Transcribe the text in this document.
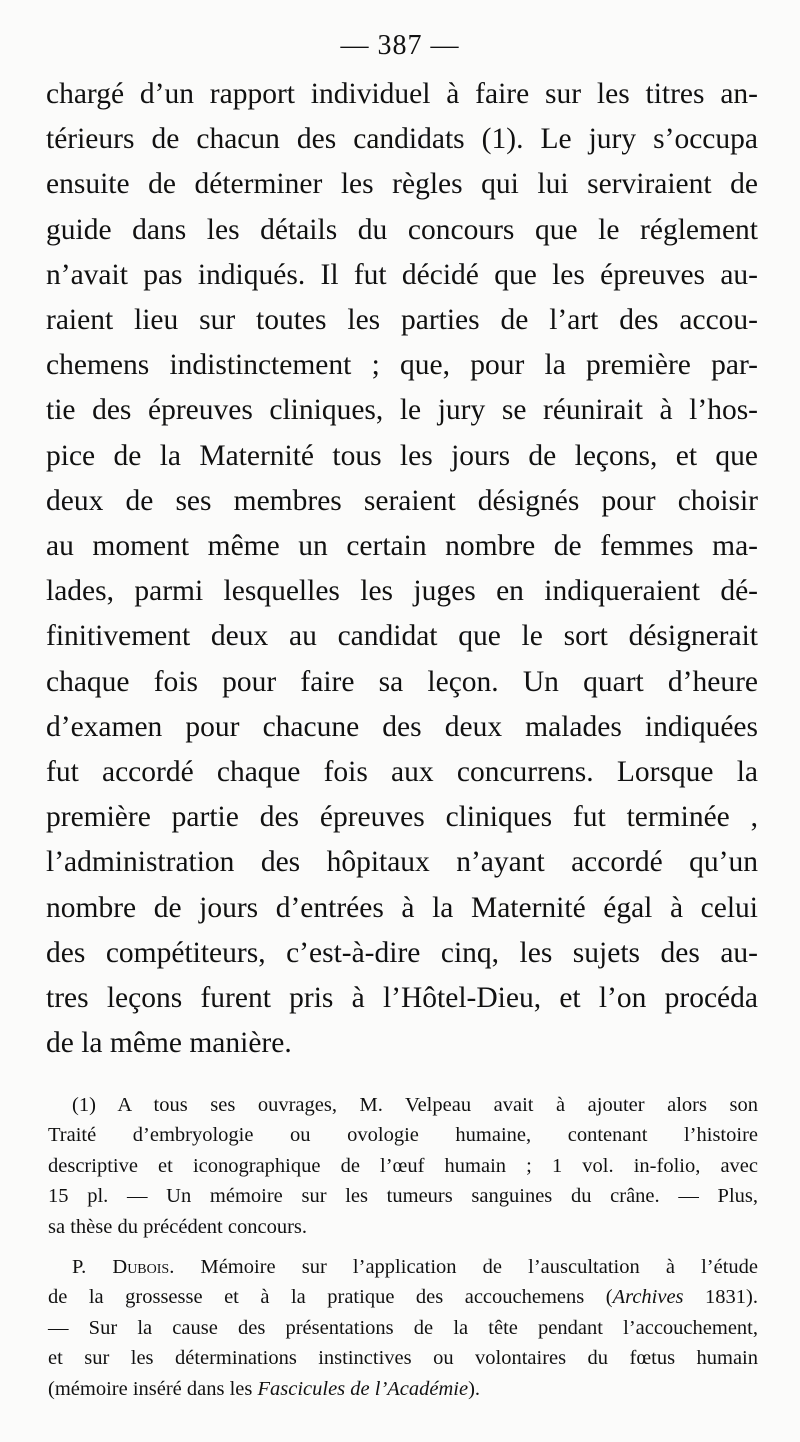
— 387 —
chargé d’un rapport individuel à faire sur les titres an-
térieurs de chacun des candidats (1). Le jury s’occupa
ensuite de déterminer les règles qui lui serviraient de
guide dans les détails du concours que le réglement
n’avait pas indiqués. Il fut décidé que les épreuves au-
raient lieu sur toutes les parties de l’art des accou-
chemens indistinctement ; que, pour la première par-
tie des épreuves cliniques, le jury se réunirait à l’hos-
pice de la Maternité tous les jours de leçons, et que
deux de ses membres seraient désignés pour choisir
au moment même un certain nombre de femmes ma-
lades, parmi lesquelles les juges en indiqueraient dé-
finitivement deux au candidat que le sort désignerait
chaque fois pour faire sa leçon. Un quart d’heure
d’examen pour chacune des deux malades indiquées
fut accordé chaque fois aux concurrens. Lorsque la
première partie des épreuves cliniques fut terminée ,
l’administration des hôpitaux n’ayant accordé qu’un
nombre de jours d’entrées à la Maternité égal à celui
des compétiteurs, c’est-à-dire cinq, les sujets des au-
tres leçons furent pris à l’Hôtel-Dieu, et l’on procéda
de la même manière.
(1) A tous ses ouvrages, M. Velpeau avait à ajouter alors son
Traité d’embryologie ou ovologie humaine, contenant l’histoire
descriptive et iconographique de l’œuf humain ; 1 vol. in-folio, avec
15 pl. — Un mémoire sur les tumeurs sanguines du crâne. — Plus,
sa thèse du précédent concours.
P. Dubois. Mémoire sur l’application de l’auscultation à l’étude
de la grossesse et à la pratique des accouchemens (Archives 1831).
— Sur la cause des présentations de la tête pendant l’accouchement,
et sur les déterminations instinctives ou volontaires du fœtus humain
(mémoire inséré dans les Fascicules de l’Académie).
